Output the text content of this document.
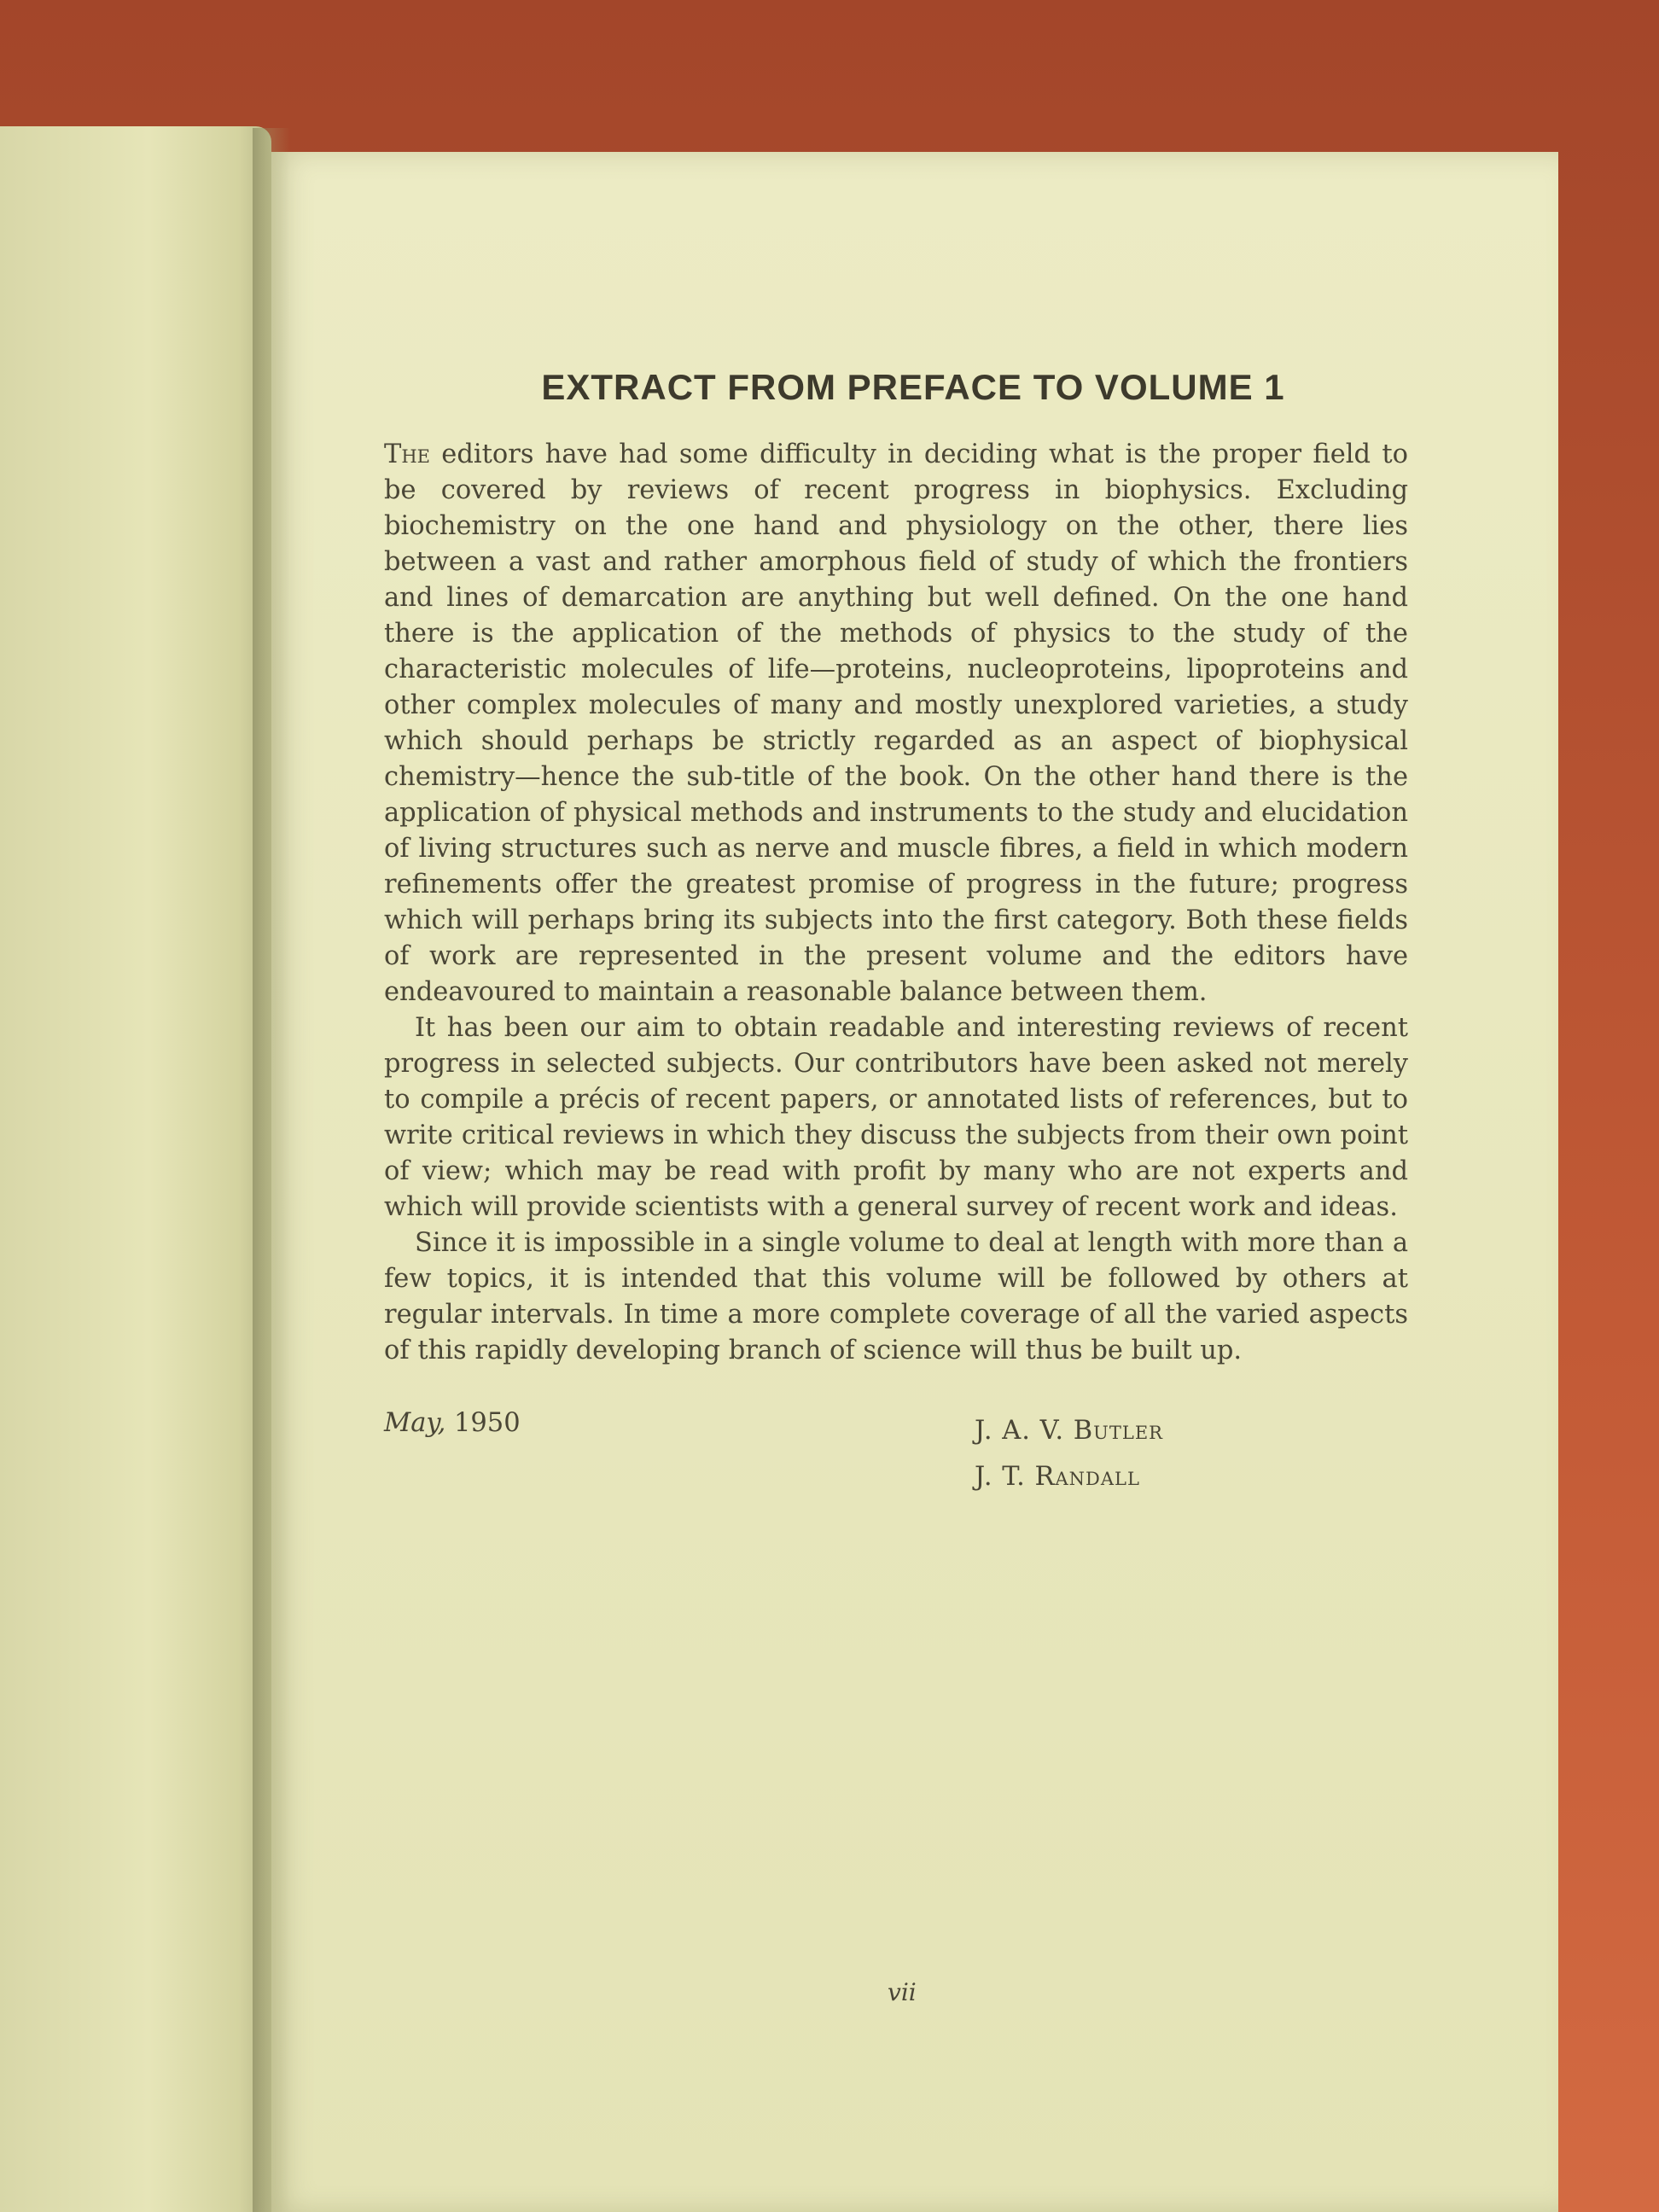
EXTRACT FROM PREFACE TO VOLUME 1

The editors have had some difficulty in deciding what is the proper field to be covered by reviews of recent progress in biophysics. Excluding biochemistry on the one hand and physiology on the other, there lies between a vast and rather amorphous field of study of which the frontiers and lines of demarcation are anything but well defined. On the one hand there is the application of the methods of physics to the study of the characteristic molecules of life—proteins, nucleoproteins, lipoproteins and other complex molecules of many and mostly unexplored varieties, a study which should perhaps be strictly regarded as an aspect of biophysical chemistry—hence the sub-title of the book. On the other hand there is the application of physical methods and instruments to the study and elucidation of living structures such as nerve and muscle fibres, a field in which modern refinements offer the greatest promise of progress in the future; progress which will perhaps bring its subjects into the first category. Both these fields of work are represented in the present volume and the editors have endeavoured to maintain a reasonable balance between them.

It has been our aim to obtain readable and interesting reviews of recent progress in selected subjects. Our contributors have been asked not merely to compile a précis of recent papers, or annotated lists of references, but to write critical reviews in which they discuss the subjects from their own point of view; which may be read with profit by many who are not experts and which will provide scientists with a general survey of recent work and ideas.

Since it is impossible in a single volume to deal at length with more than a few topics, it is intended that this volume will be followed by others at regular intervals. In time a more complete coverage of all the varied aspects of this rapidly developing branch of science will thus be built up.

May, 1950	J. A. V. Butler
J. T. Randall
vii
